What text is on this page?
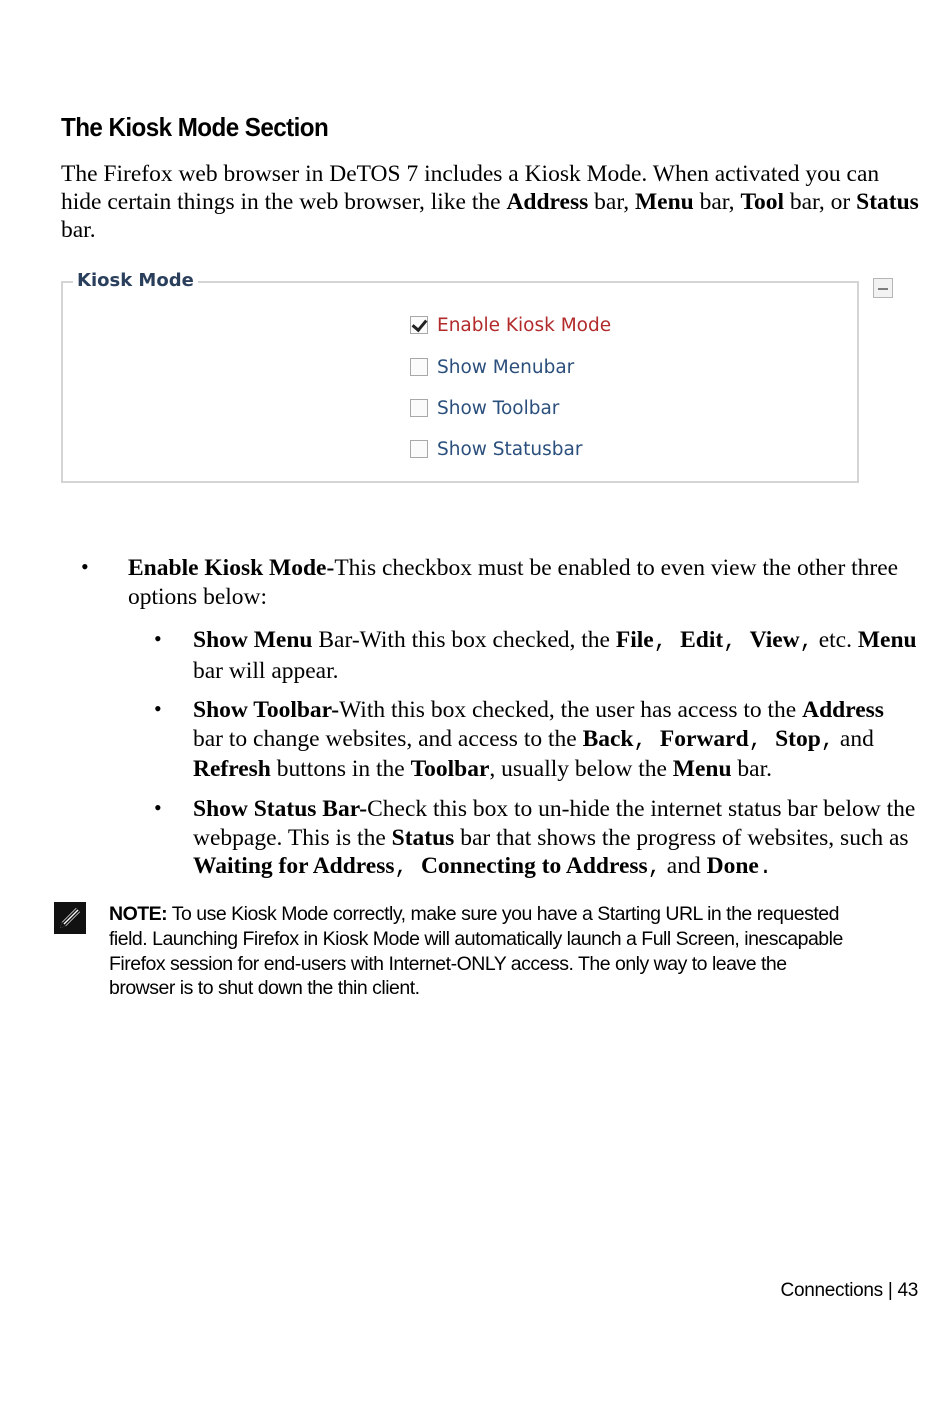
The Kiosk Mode Section

The Firefox web browser in DeTOS 7 includes a Kiosk Mode. When activated you can hide certain things in the web browser, like the Address bar, Menu bar, Tool bar, or Status bar.

Kiosk Mode
Enable Kiosk Mode
Show Menubar
Show Toolbar
Show Statusbar
• Enable Kiosk Mode-This checkbox must be enabled to even view the other three options below:

• Show Menu Bar-With this box checked, the File, Edit, View, etc. Menu bar will appear.

• Show Toolbar-With this box checked, the user has access to the Address bar to change websites, and access to the Back, Forward, Stop, and Refresh buttons in the Toolbar, usually below the Menu bar.

• Show Status Bar-Check this box to un-hide the internet status bar below the webpage. This is the Status bar that shows the progress of websites, such as Waiting for Address, Connecting to Address, and Done.

NOTE: To use Kiosk Mode correctly, make sure you have a Starting URL in the requested field. Launching Firefox in Kiosk Mode will automatically launch a Full Screen, inescapable Firefox session for end-users with Internet-ONLY access. The only way to leave the browser is to shut down the thin client.

Connections | 43
